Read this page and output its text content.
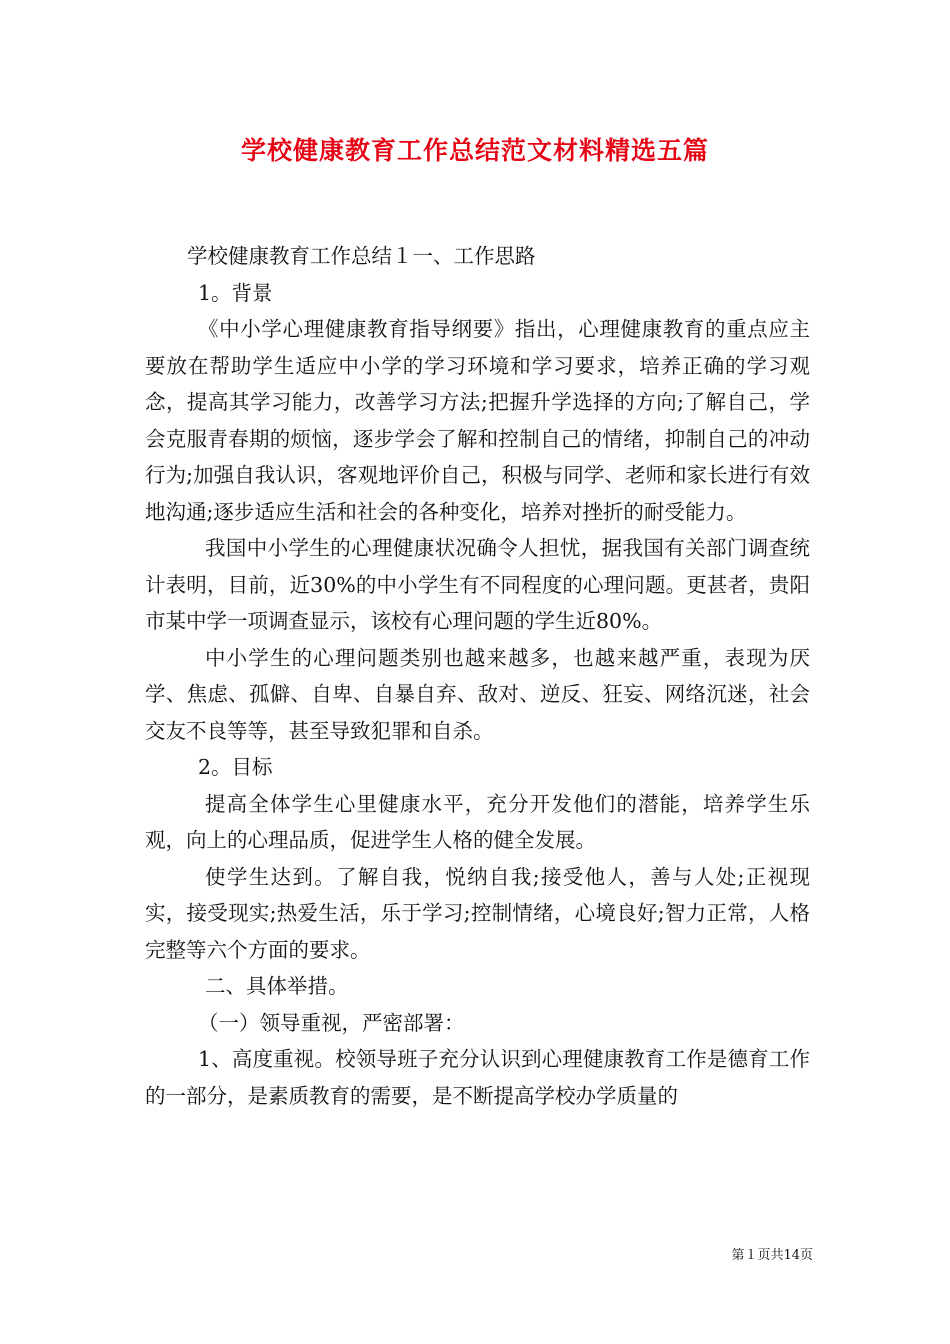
学校健康教育工作总结范文材料精选五篇

学校健康教育工作总结１一、工作思路

1。背景

《中小学心理健康教育指导纲要》指出，心理健康教育的重点应主要放在帮助学生适应中小学的学习环境和学习要求，培养正确的学习观念，提高其学习能力，改善学习方法;把握升学选择的方向;了解自己，学会克服青春期的烦恼，逐步学会了解和控制自己的情绪，抑制自己的冲动行为;加强自我认识，客观地评价自己，积极与同学、老师和家长进行有效地沟通;逐步适应生活和社会的各种变化，培养对挫折的耐受能力。

我国中小学生的心理健康状况确令人担忧，据我国有关部门调查统计表明，目前，近30%的中小学生有不同程度的心理问题。更甚者，贵阳市某中学一项调查显示，该校有心理问题的学生近80%。

中小学生的心理问题类别也越来越多，也越来越严重，表现为厌学、焦虑、孤僻、自卑、自暴自弃、敌对、逆反、狂妄、网络沉迷，社会交友不良等等，甚至导致犯罪和自杀。

2。目标

提高全体学生心里健康水平，充分开发他们的潜能，培养学生乐观，向上的心理品质，促进学生人格的健全发展。

使学生达到。了解自我，悦纳自我;接受他人，善与人处;正视现实，接受现实;热爱生活，乐于学习;控制情绪，心境良好;智力正常，人格完整等六个方面的要求。

二、具体举措。

（一）领导重视，严密部署：

1、高度重视。校领导班子充分认识到心理健康教育工作是德育工作的一部分，是素质教育的需要，是不断提高学校办学质量的

第１页共14页
